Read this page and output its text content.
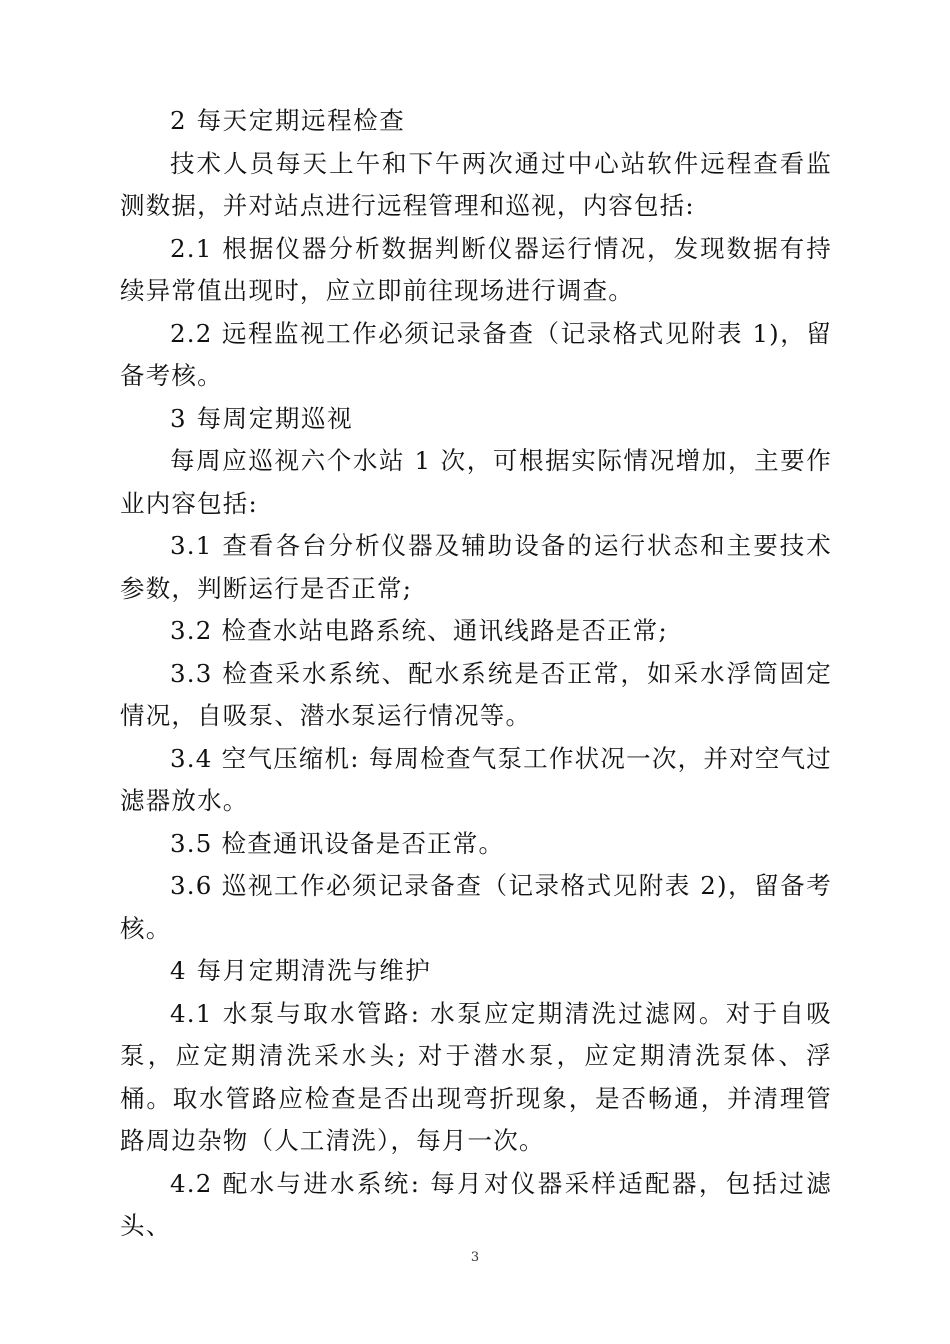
2 每天定期远程检查

技术人员每天上午和下午两次通过中心站软件远程查看监测数据，并对站点进行远程管理和巡视，内容包括:

2.1 根据仪器分析数据判断仪器运行情况，发现数据有持续异常值出现时，应立即前往现场进行调查。

2.2 远程监视工作必须记录备查（记录格式见附表 1)，留备考核。

3 每周定期巡视

每周应巡视六个水站 1 次，可根据实际情况增加，主要作业内容包括:

3.1 查看各台分析仪器及辅助设备的运行状态和主要技术参数，判断运行是否正常;

3.2 检查水站电路系统、通讯线路是否正常;

3.3 检查采水系统、配水系统是否正常，如采水浮筒固定情况，自吸泵、潜水泵运行情况等。

3.4 空气压缩机: 每周检查气泵工作状况一次，并对空气过滤器放水。

3.5 检查通讯设备是否正常。

3.6 巡视工作必须记录备查（记录格式见附表 2)，留备考核。

4 每月定期清洗与维护

4.1 水泵与取水管路: 水泵应定期清洗过滤网。对于自吸泵，应定期清洗采水头; 对于潜水泵，应定期清洗泵体、浮桶。取水管路应检查是否出现弯折现象，是否畅通，并清理管路周边杂物（人工清洗），每月一次。

4.2 配水与进水系统: 每月对仪器采样适配器，包括过滤头、

3
